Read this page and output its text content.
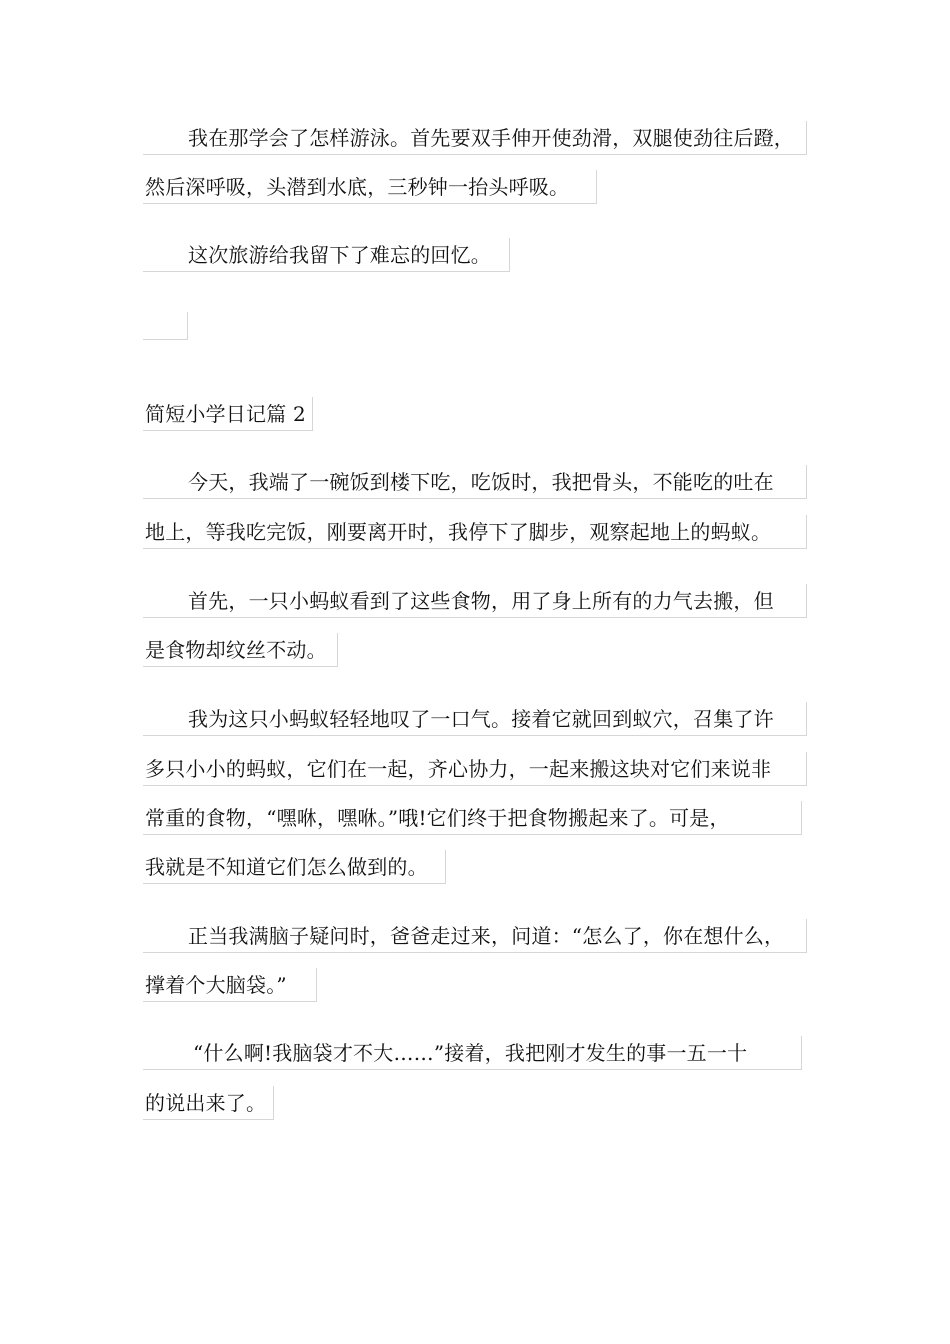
我在那学会了怎样游泳。首先要双手伸开使劲滑，双腿使劲往后蹬，
然后深呼吸，头潜到水底，三秒钟一抬头呼吸。
这次旅游给我留下了难忘的回忆。
简短小学日记篇 2
今天，我端了一碗饭到楼下吃，吃饭时，我把骨头，不能吃的吐在
地上，等我吃完饭，刚要离开时，我停下了脚步，观察起地上的蚂蚁。
首先，一只小蚂蚁看到了这些食物，用了身上所有的力气去搬，但
是食物却纹丝不动。
我为这只小蚂蚁轻轻地叹了一口气。接着它就回到蚁穴，召集了许
多只小小的蚂蚁，它们在一起，齐心协力，一起来搬这块对它们来说非
常重的食物，“嘿咻，嘿咻。”哦!它们终于把食物搬起来了。可是，
我就是不知道它们怎么做到的。
正当我满脑子疑问时，爸爸走过来，问道：“怎么了，你在想什么，
撑着个大脑袋。”
“什么啊!我脑袋才不大……”接着，我把刚才发生的事一五一十
的说出来了。
